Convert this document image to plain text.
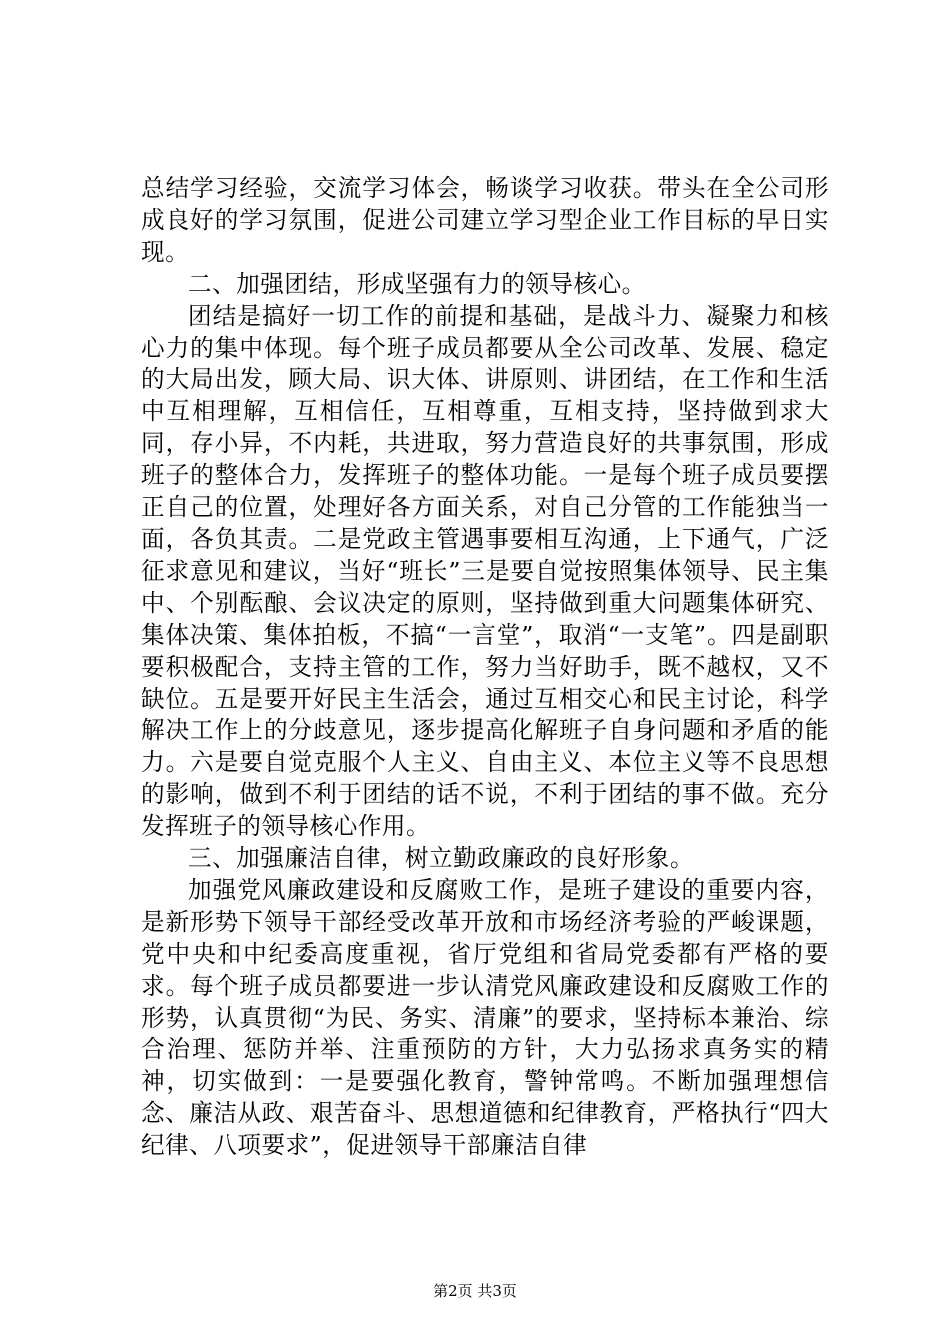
总结学习经验，交流学习体会，畅谈学习收获。带头在全公司形成良好的学习氛围，促进公司建立学习型企业工作目标的早日实现。

二、加强团结，形成坚强有力的领导核心。

团结是搞好一切工作的前提和基础，是战斗力、凝聚力和核心力的集中体现。每个班子成员都要从全公司改革、发展、稳定的大局出发，顾大局、识大体、讲原则、讲团结，在工作和生活中互相理解，互相信任，互相尊重，互相支持，坚持做到求大同，存小异，不内耗，共进取，努力营造良好的共事氛围，形成班子的整体合力，发挥班子的整体功能。一是每个班子成员要摆正自己的位置，处理好各方面关系，对自己分管的工作能独当一面，各负其责。二是党政主管遇事要相互沟通，上下通气，广泛征求意见和建议，当好“班长”三是要自觉按照集体领导、民主集中、个别酝酿、会议决定的原则，坚持做到重大问题集体研究、集体决策、集体拍板，不搞“一言堂”，取消“一支笔”。四是副职要积极配合，支持主管的工作，努力当好助手，既不越权，又不缺位。五是要开好民主生活会，通过互相交心和民主讨论，科学解决工作上的分歧意见，逐步提高化解班子自身问题和矛盾的能力。六是要自觉克服个人主义、自由主义、本位主义等不良思想的影响，做到不利于团结的话不说，不利于团结的事不做。充分发挥班子的领导核心作用。

三、加强廉洁自律，树立勤政廉政的良好形象。

加强党风廉政建设和反腐败工作，是班子建设的重要内容，是新形势下领导干部经受改革开放和市场经济考验的严峻课题，党中央和中纪委高度重视，省厅党组和省局党委都有严格的要求。每个班子成员都要进一步认清党风廉政建设和反腐败工作的形势，认真贯彻“为民、务实、清廉”的要求，坚持标本兼治、综合治理、惩防并举、注重预防的方针，大力弘扬求真务实的精神，切实做到：一是要强化教育，警钟常鸣。不断加强理想信念、廉洁从政、艰苦奋斗、思想道德和纪律教育，严格执行“四大纪律、八项要求”，促进领导干部廉洁自律

第2页 共3页
